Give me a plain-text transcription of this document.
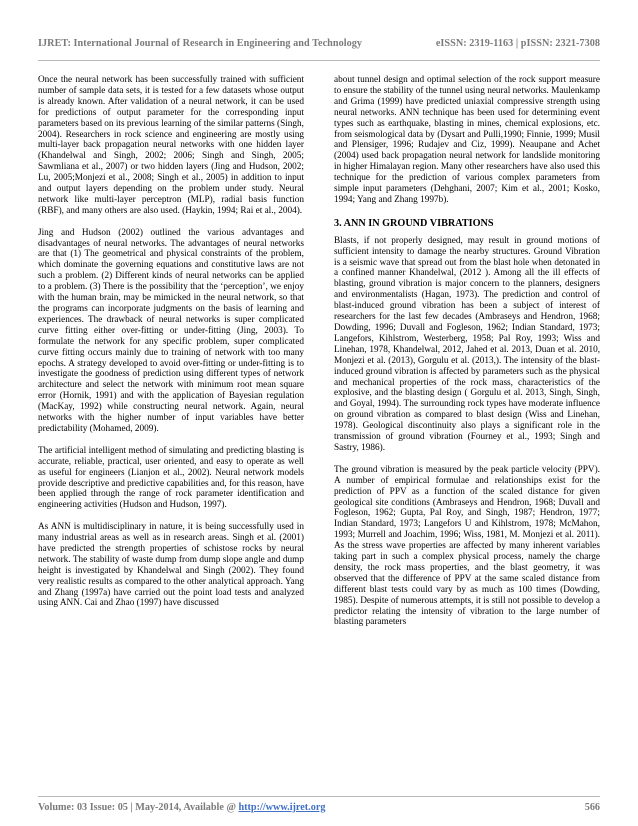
IJRET: International Journal of Research in Engineering and Technology	eISSN: 2319-1163 | pISSN: 2321-7308

Once the neural network has been successfully trained with sufficient number of sample data sets, it is tested for a few datasets whose output is already known. After validation of a neural network, it can be used for predictions of output parameter for the corresponding input parameters based on its previous learning of the similar patterns (Singh, 2004). Researchers in rock science and engineering are mostly using multi-layer back propagation neural networks with one hidden layer (Khandelwal and Singh, 2002; 2006; Singh and Singh, 2005; Sawmliana et al., 2007) or two hidden layers (Jing and Hudson, 2002; Lu, 2005;Monjezi et al., 2008; Singh et al., 2005) in addition to input and output layers depending on the problem under study. Neural network like multi-layer perceptron (MLP), radial basis function (RBF), and many others are also used. (Haykin, 1994; Rai et al., 2004).

Jing and Hudson (2002) outlined the various advantages and disadvantages of neural networks. The advantages of neural networks are that (1) The geometrical and physical constraints of the problem, which dominate the governing equations and constitutive laws are not such a problem. (2) Different kinds of neural networks can be applied to a problem. (3) There is the possibility that the ‘perception’, we enjoy with the human brain, may be mimicked in the neural network, so that the programs can incorporate judgments on the basis of learning and experiences. The drawback of neural networks is super complicated curve fitting either over-fitting or under-fitting (Jing, 2003). To formulate the network for any specific problem, super complicated curve fitting occurs mainly due to training of network with too many epochs. A strategy developed to avoid over-fitting or under-fitting is to investigate the goodness of prediction using different types of network architecture and select the network with minimum root mean square error (Hornik, 1991) and with the application of Bayesian regulation (MacKay, 1992) while constructing neural network. Again, neural networks with the higher number of input variables have better predictability (Mohamed, 2009).

The artificial intelligent method of simulating and predicting blasting is accurate, reliable, practical, user oriented, and easy to operate as well as useful for engineers (Lianjon et al., 2002). Neural network models provide descriptive and predictive capabilities and, for this reason, have been applied through the range of rock parameter identification and engineering activities (Hudson and Hudson, 1997).

As ANN is multidisciplinary in nature, it is being successfully used in many industrial areas as well as in research areas. Singh et al. (2001) have predicted the strength properties of schistose rocks by neural network. The stability of waste dump from dump slope angle and dump height is investigated by Khandelwal and Singh (2002). They found very realistic results as compared to the other analytical approach. Yang and Zhang (1997a) have carried out the point load tests and analyzed using ANN. Cai and Zhao (1997) have discussed

about tunnel design and optimal selection of the rock support measure to ensure the stability of the tunnel using neural networks. Maulenkamp and Grima (1999) have predicted uniaxial compressive strength using neural networks. ANN technique has been used for determining event types such as earthquake, blasting in mines, chemical explosions, etc. from seismological data by (Dysart and Pulli,1990; Finnie, 1999; Musil and Plensiger, 1996; Rudajev and Ciz, 1999). Neaupane and Achet (2004) used back propagation neural network for landslide monitoring in higher Himalayan region. Many other researchers have also used this technique for the prediction of various complex parameters from simple input parameters (Dehghani, 2007; Kim et al., 2001; Kosko, 1994; Yang and Zhang 1997b).

3. ANN IN GROUND VIBRATIONS

Blasts, if not properly designed, may result in ground motions of sufficient intensity to damage the nearby structures. Ground Vibration is a seismic wave that spread out from the blast hole when detonated in a confined manner Khandelwal, (2012 ). Among all the ill effects of blasting, ground vibration is major concern to the planners, designers and environmentalists (Hagan, 1973). The prediction and control of blast-induced ground vibration has been a subject of interest of researchers for the last few decades (Ambraseys and Hendron, 1968; Dowding, 1996; Duvall and Fogleson, 1962; Indian Standard, 1973; Langefors, Kihlstrom, Westerberg, 1958; Pal Roy, 1993; Wiss and Linehan, 1978, Khandelwal, 2012, Jahed et al. 2013, Duan et al. 2010, Monjezi et al. (2013), Gorgulu et al. (2013,). The intensity of the blast-induced ground vibration is affected by parameters such as the physical and mechanical properties of the rock mass, characteristics of the explosive, and the blasting design ( Gorgulu et al. 2013, Singh, Singh, and Goyal, 1994). The surrounding rock types have moderate influence on ground vibration as compared to blast design (Wiss and Linehan, 1978). Geological discontinuity also plays a significant role in the transmission of ground vibration (Fourney et al., 1993; Singh and Sastry, 1986).

The ground vibration is measured by the peak particle velocity (PPV). A number of empirical formulae and relationships exist for the prediction of PPV as a function of the scaled distance for given geological site conditions (Ambraseys and Hendron, 1968; Duvall and Fogleson, 1962; Gupta, Pal Roy, and Singh, 1987; Hendron, 1977; Indian Standard, 1973; Langefors U and Kihlstrom, 1978; McMahon, 1993; Murrell and Joachim, 1996; Wiss, 1981, M. Monjezi et al. 2011). As the stress wave properties are affected by many inherent variables taking part in such a complex physical process, namely the charge density, the rock mass properties, and the blast geometry, it was observed that the difference of PPV at the same scaled distance from different blast tests could vary by as much as 100 times (Dowding, 1985). Despite of numerous attempts, it is still not possible to develop a predictor relating the intensity of vibration to the large number of blasting parameters

Volume: 03 Issue: 05 | May-2014, Available @ http://www.ijret.org	566
